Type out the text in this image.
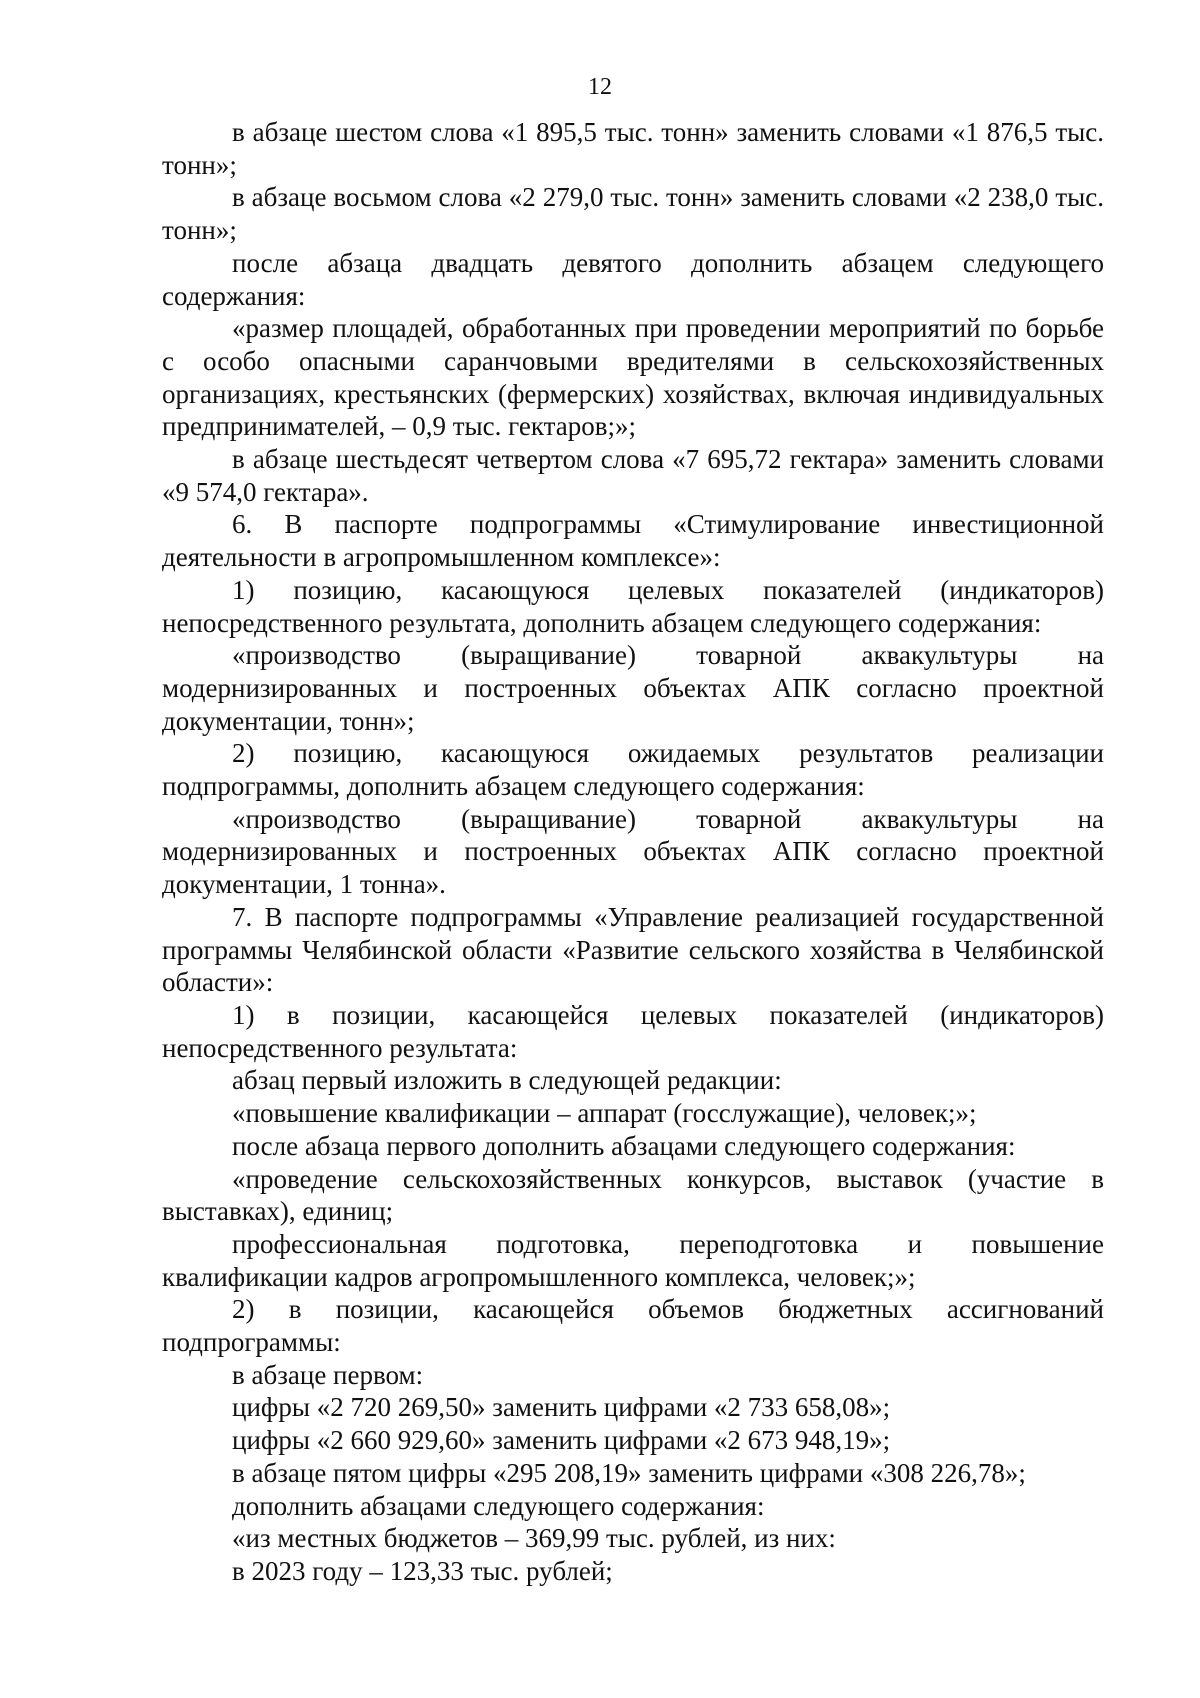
12

в абзаце шестом слова «1 895,5 тыс. тонн» заменить словами «1 876,5 тыс. тонн»;

в абзаце восьмом слова «2 279,0 тыс. тонн» заменить словами «2 238,0 тыс. тонн»;

после абзаца двадцать девятого дополнить абзацем следующего содержания:

«размер площадей, обработанных при проведении мероприятий по борьбе с особо опасными саранчовыми вредителями в сельскохозяйственных организациях, крестьянских (фермерских) хозяйствах, включая индивидуальных предпринимателей, – 0,9 тыс. гектаров;»;

в абзаце шестьдесят четвертом слова «7 695,72 гектара» заменить словами «9 574,0 гектара».

6. В паспорте подпрограммы «Стимулирование инвестиционной деятельности в агропромышленном комплексе»:

1) позицию, касающуюся целевых показателей (индикаторов) непосредственного результата, дополнить абзацем следующего содержания:

«производство (выращивание) товарной аквакультуры на модернизированных и построенных объектах АПК согласно проектной документации, тонн»;

2) позицию, касающуюся ожидаемых результатов реализации подпрограммы, дополнить абзацем следующего содержания:

«производство (выращивание) товарной аквакультуры на модернизированных и построенных объектах АПК согласно проектной документации, 1 тонна».

7. В паспорте подпрограммы «Управление реализацией государственной программы Челябинской области «Развитие сельского хозяйства в Челябинской области»:

1) в позиции, касающейся целевых показателей (индикаторов) непосредственного результата:

абзац первый изложить в следующей редакции:

«повышение квалификации – аппарат (госслужащие), человек;»;

после абзаца первого дополнить абзацами следующего содержания:

«проведение сельскохозяйственных конкурсов, выставок (участие в выставках), единиц;

профессиональная подготовка, переподготовка и повышение квалификации кадров агропромышленного комплекса, человек;»;

2) в позиции, касающейся объемов бюджетных ассигнований подпрограммы:

в абзаце первом:

цифры «2 720 269,50» заменить цифрами «2 733 658,08»;

цифры «2 660 929,60» заменить цифрами «2 673 948,19»;

в абзаце пятом цифры «295 208,19» заменить цифрами «308 226,78»;

дополнить абзацами следующего содержания:

«из местных бюджетов – 369,99 тыс. рублей, из них:

в 2023 году – 123,33 тыс. рублей;
